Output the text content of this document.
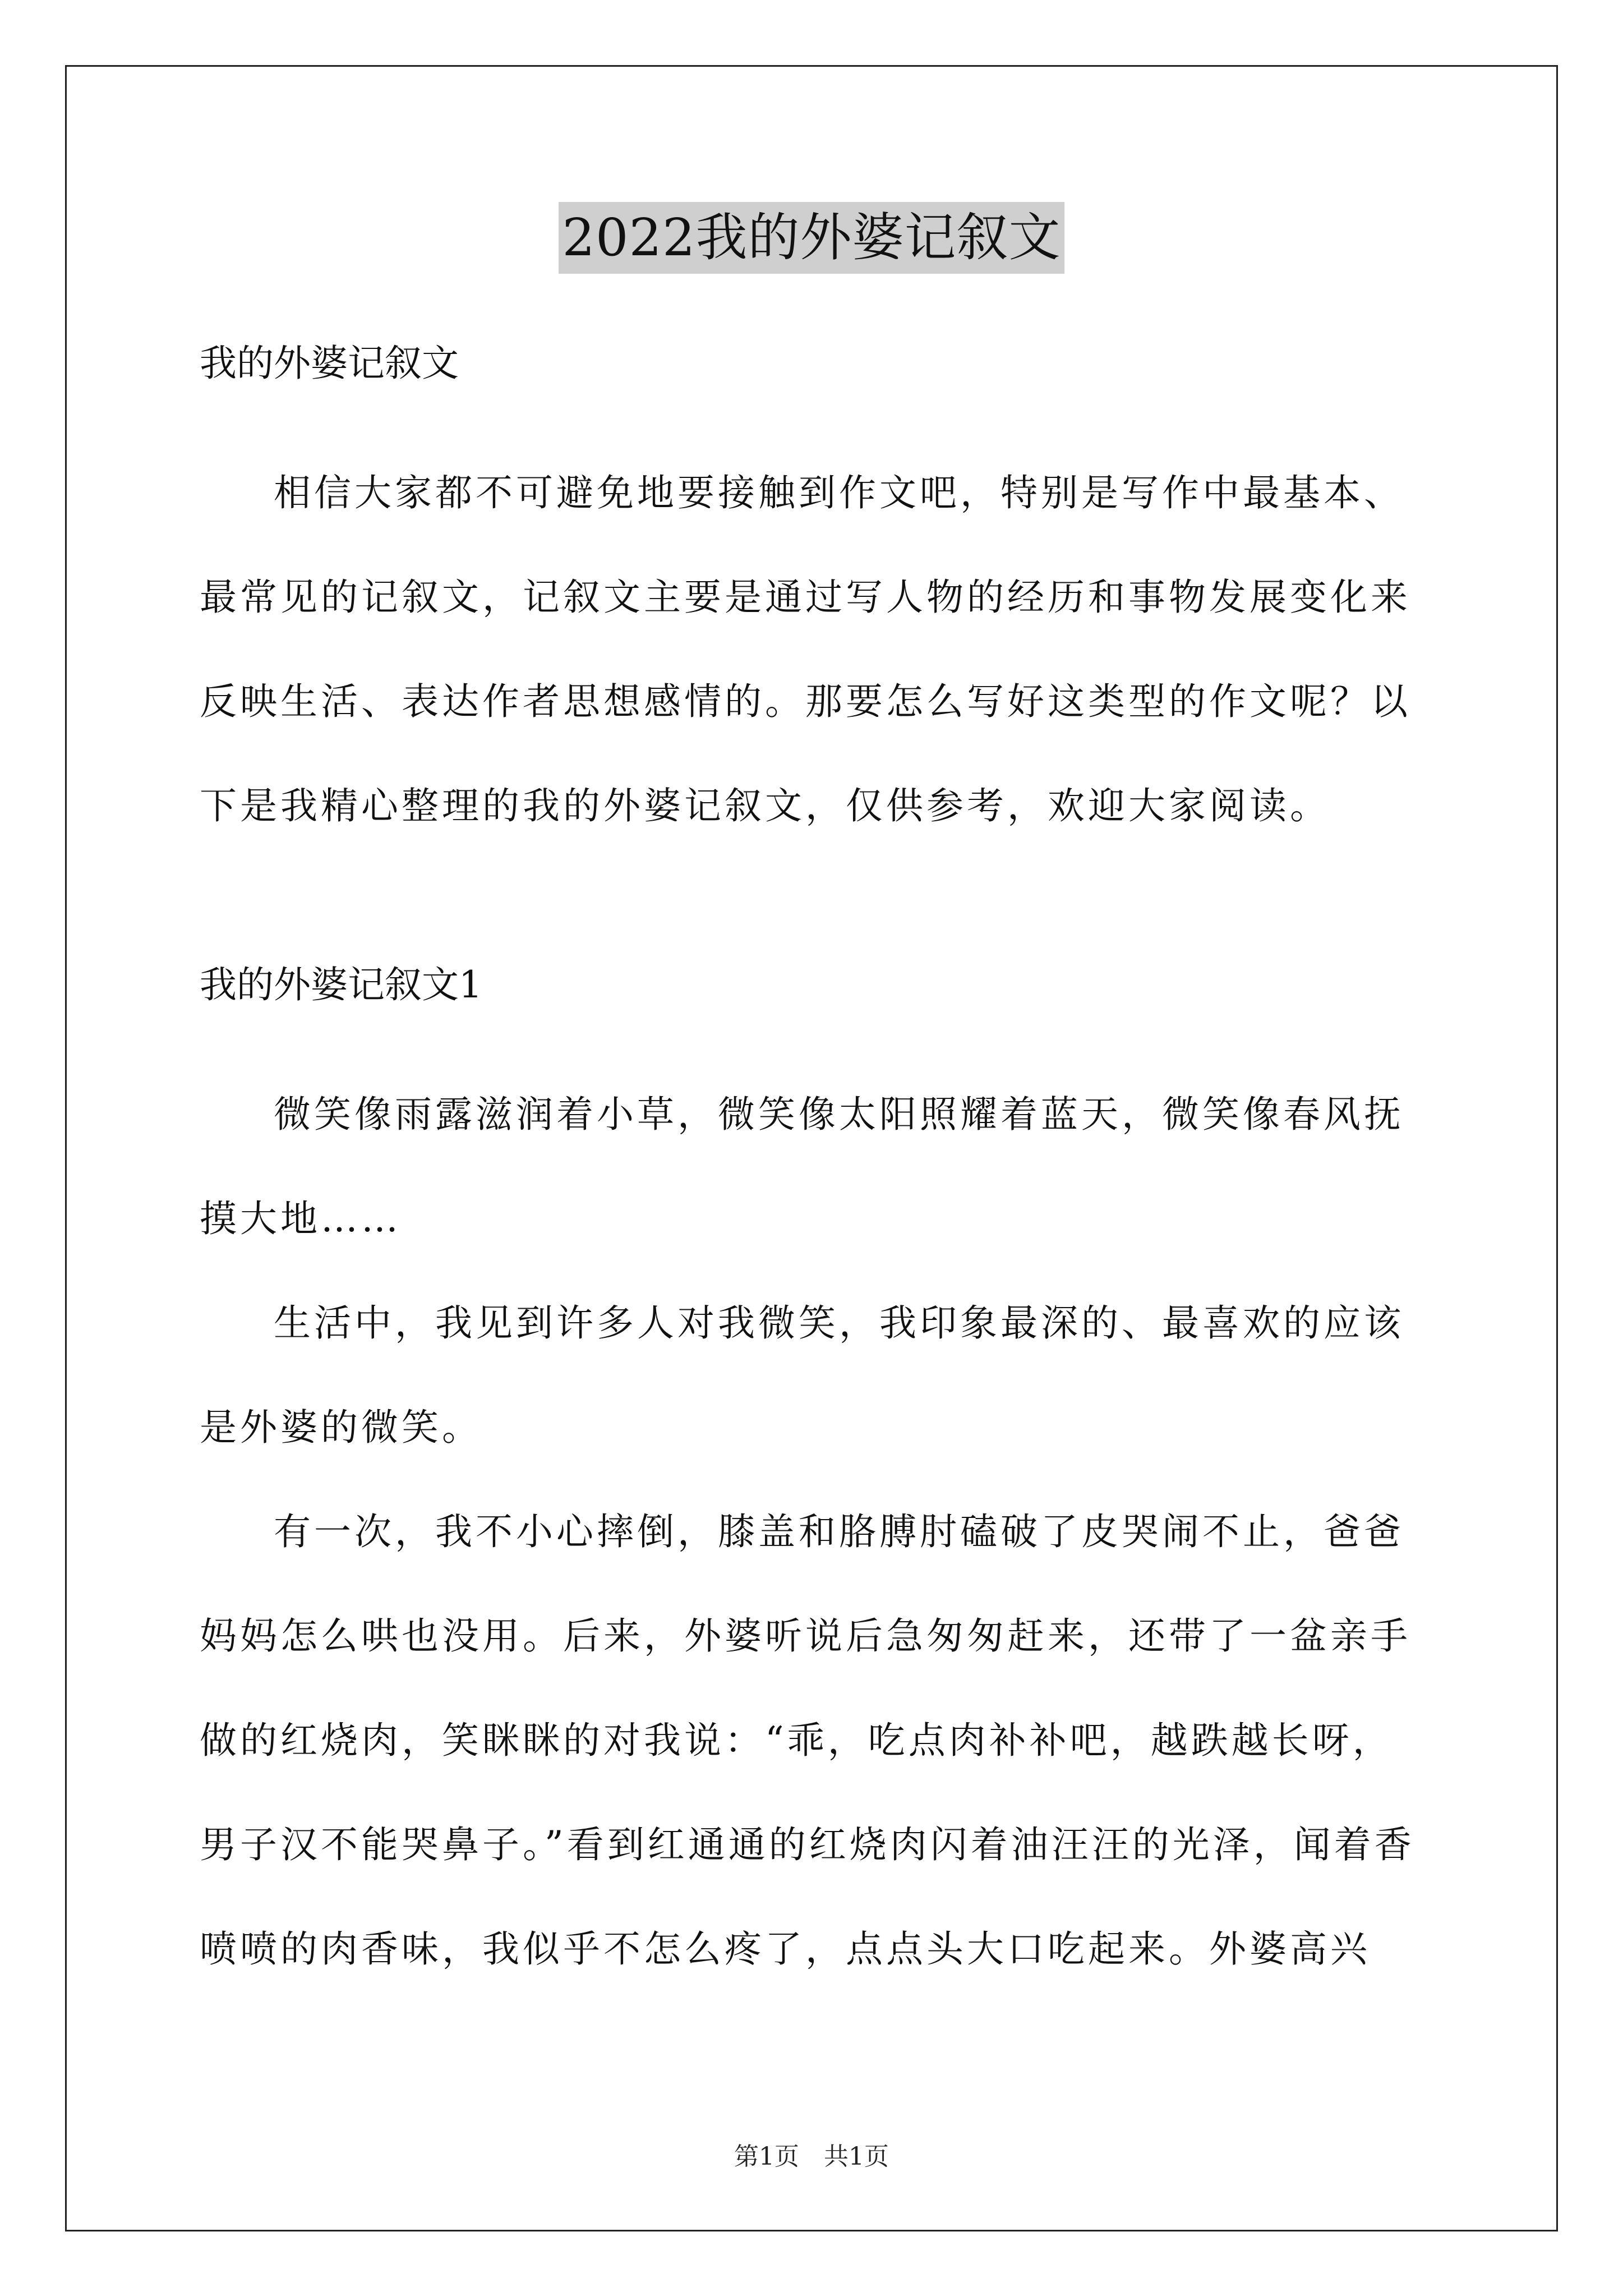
2022我的外婆记叙文

我的外婆记叙文

相信大家都不可避免地要接触到作文吧，特别是写作中最基本、最常见的记叙文，记叙文主要是通过写人物的经历和事物发展变化来反映生活、表达作者思想感情的。那要怎么写好这类型的作文呢？以下是我精心整理的我的外婆记叙文，仅供参考，欢迎大家阅读。

我的外婆记叙文1

微笑像雨露滋润着小草，微笑像太阳照耀着蓝天，微笑像春风抚摸大地……

生活中，我见到许多人对我微笑，我印象最深的、最喜欢的应该是外婆的微笑。

有一次，我不小心摔倒，膝盖和胳膊肘磕破了皮哭闹不止，爸爸妈妈怎么哄也没用。后来，外婆听说后急匆匆赶来，还带了一盆亲手做的红烧肉，笑眯眯的对我说：“乖，吃点肉补补吧，越跌越长呀，男子汉不能哭鼻子。”看到红通通的红烧肉闪着油汪汪的光泽，闻着香喷喷的肉香味，我似乎不怎么疼了，点点头大口吃起来。外婆高兴

第1页　共1页
